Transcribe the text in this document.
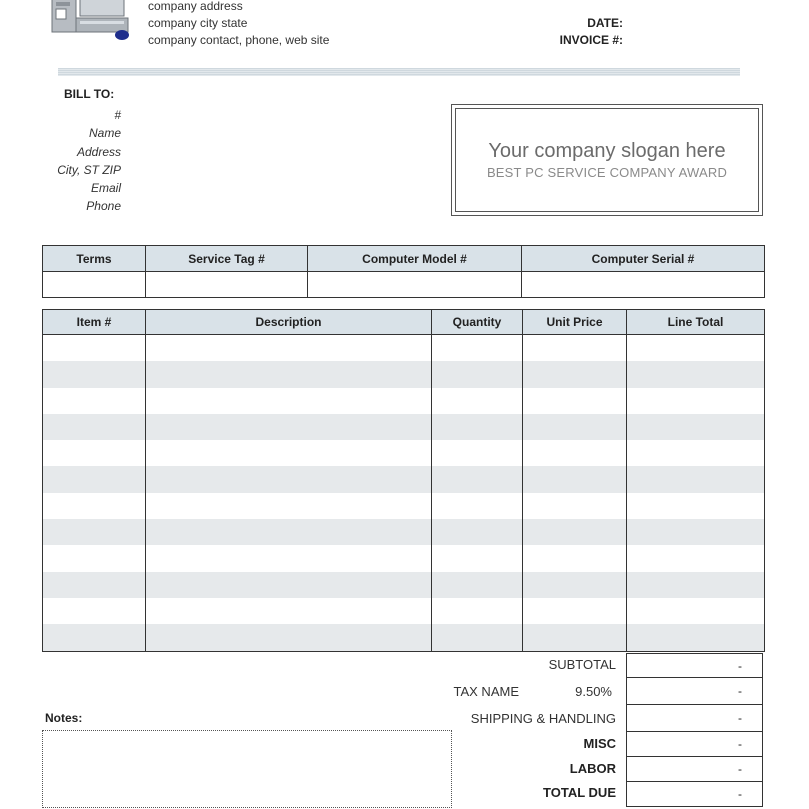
company address
company city state
company contact, phone, web site
DATE:
INVOICE #:
BILL TO:
#
Name
Address
City, ST ZIP
Email
Phone
Your company slogan here
BEST PC SERVICE COMPANY AWARD
Terms	Service Tag #	Computer Model #	Computer Serial #

Item #	Description	Quantity	Unit Price	Line Total

SUBTOTAL	-
TAX NAME	9.50%	-
SHIPPING & HANDLING	-
MISC	-
LABOR	-
TOTAL DUE	-
Notes:
